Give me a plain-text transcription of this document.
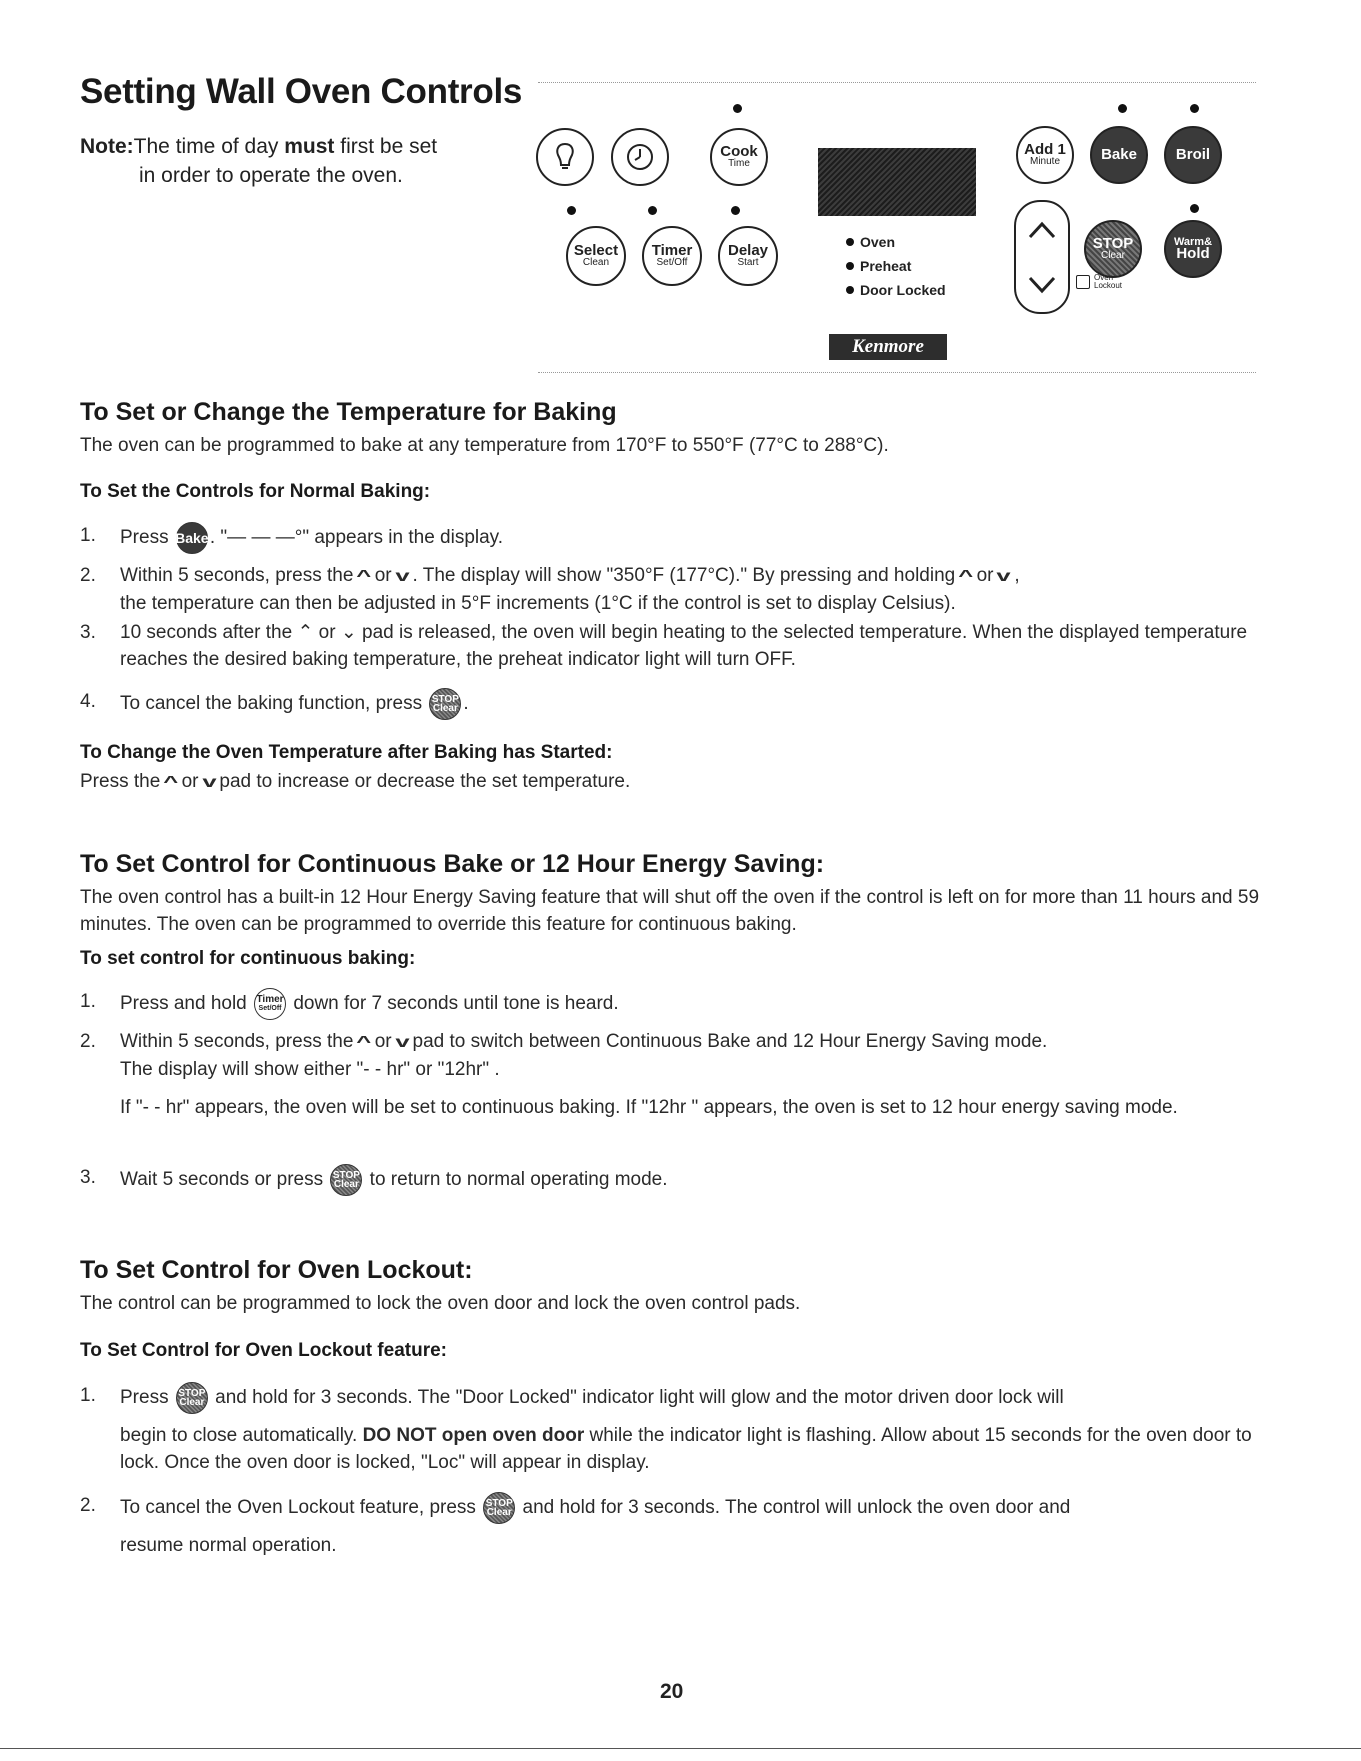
Setting Wall Oven Controls
Note:The time of day must first be set
in order to operate the oven.
Cook
Time
Select
Clean
Timer
Set/Off
Delay
Start
Oven
Preheat
Door Locked
Add 1
Minute	Bake	Broil
STOP
Clear
Warm&
Hold
Oven
Lockout
Kenmore
To Set or Change the Temperature for Baking
The oven can be programmed to bake at any temperature from 170°F to 550°F (77°C to 288°C).
To Set the Controls for Normal Baking:
1. Press Bake . "— — —°" appears in the display.
2. Within 5 seconds, press the ^ or v . The display will show "350°F (177°C)." By pressing and holding ^ or v ,
the temperature can then be adjusted in 5°F increments (1°C if the control is set to display Celsius).
3. 10 seconds after the ⌃ or ⌄ pad is released, the oven will begin heating to the selected temperature. When the displayed temperature reaches the desired baking temperature, the preheat indicator light will turn OFF.
4. To cancel the baking function, press STOP
Clear .
To Change the Oven Temperature after Baking has Started:
Press the ^ or v pad to increase or decrease the set temperature.
To Set Control for Continuous Bake or 12 Hour Energy Saving:
The oven control has a built-in 12 Hour Energy Saving feature that will shut off the oven if the control is left on for more than 11 hours and 59 minutes. The oven can be programmed to override this feature for continuous baking.
To set control for continuous baking:
1. Press and hold Timer
Set/Off down for 7 seconds until tone is heard.
2. Within 5 seconds, press the ^ or v pad to switch between Continuous Bake and 12 Hour Energy Saving mode.
The display will show either "- - hr" or "12hr" .
If "- - hr" appears, the oven will be set to continuous baking. If "12hr " appears, the oven is set to 12 hour energy saving mode.
3. Wait 5 seconds or press STOP
Clear to return to normal operating mode.
To Set Control for Oven Lockout:
The control can be programmed to lock the oven door and lock the oven control pads.
To Set Control for Oven Lockout feature:
1. Press STOP
Clear and hold for 3 seconds. The "Door Locked" indicator light will glow and the motor driven door lock will
begin to close automatically. DO NOT open oven door while the indicator light is flashing. Allow about 15 seconds for the oven door to lock. Once the oven door is locked, "Loc" will appear in display.
2. To cancel the Oven Lockout feature, press STOP
Clear and hold for 3 seconds. The control will unlock the oven door and
resume normal operation.
20
